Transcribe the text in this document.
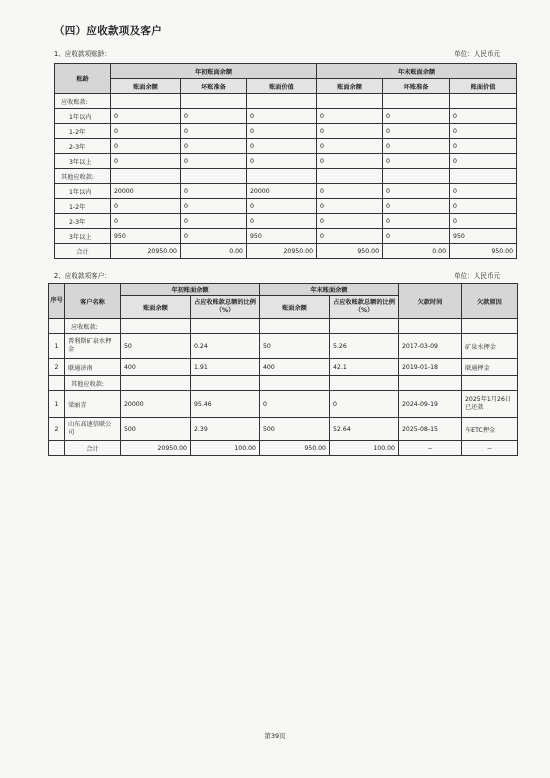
（四）应收款项及客户
1、应收款项账龄：	单位：人民币元
账龄	年初账面余额			年末账面余额		
	账面余额	坏账准备	账面价值	账面余额	坏账准备	账面价值
应收账款:						
1年以内	0	0	0	0	0	0
1-2年	0	0	0	0	0	0
2-3年	0	0	0	0	0	0
3年以上	0	0	0	0	0	0
其他应收款:						
1年以内	20000	0	20000	0	0	0
1-2年	0	0	0	0	0	0
2-3年	0	0	0	0	0	0
3年以上	950	0	950	0	0	950
合计	20950.00	0.00	20950.00	950.00	0.00	950.00
2、应收款项客户：	单位：人民币元
序号	客户名称	年初账面余额		年末账面余额		欠款时间	欠款原因
		账面余额	占应收账款总额的比例（%）	账面余额	占应收账款总额的比例（%）		
	应收账款:						
1	普利斯矿泉水押金	50	0.24	50	5.26	2017-03-09	矿泉水押金
2	联通济南	400	1.91	400	42.1	2019-01-18	联通押金
	其他应收款:						
1	梁丽青	20000	95.46	0	0	2024-09-19	2025年1月26日已还款
2	山东高速信联公司	500	2.39	500	52.64	2025-08-15	车ETC押金
	合计	20950.00	100.00	950.00	100.00	--	--
第39页
